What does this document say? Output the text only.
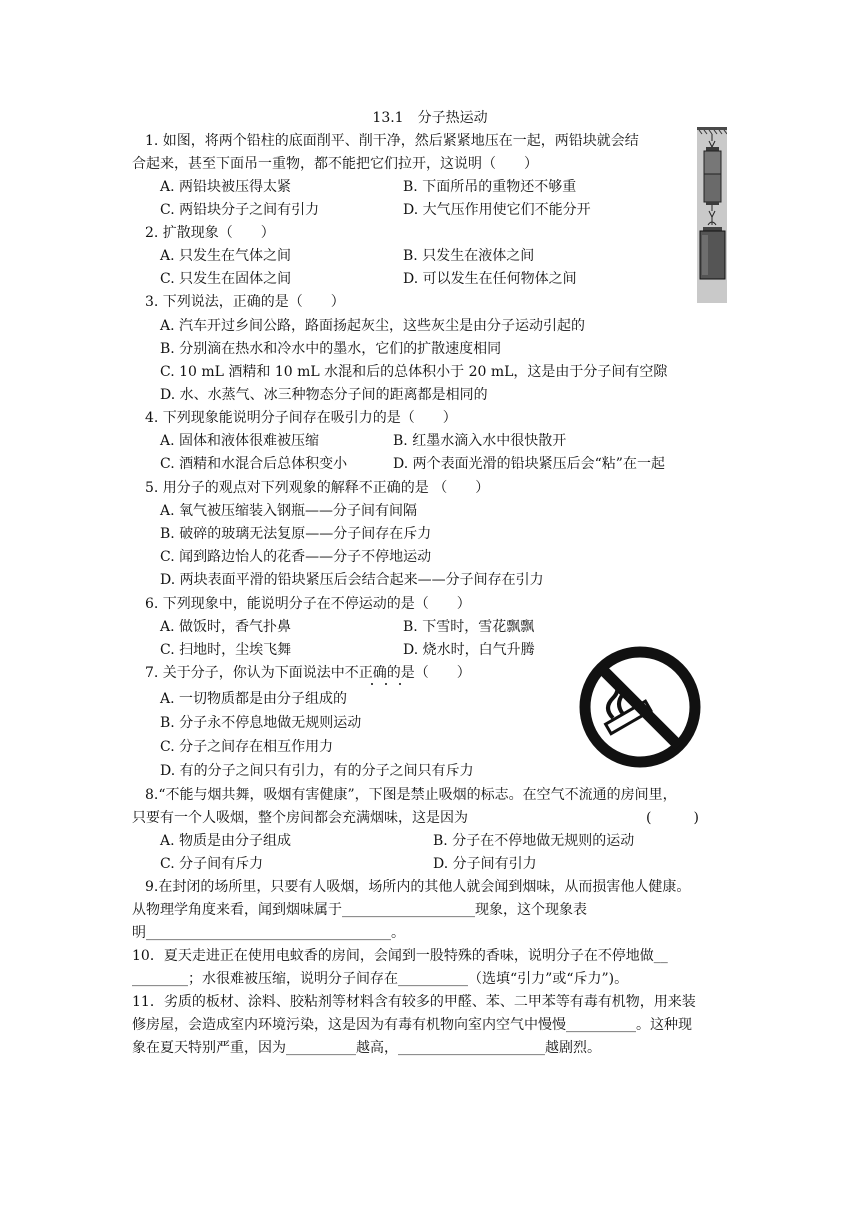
13.1　分子热运动
1. 如图，将两个铅柱的底面削平、削干净，然后紧紧地压在一起，两铅块就会结
合起来，甚至下面吊一重物，都不能把它们拉开，这说明（　　）
A. 两铅块被压得太紧	B. 下面所吊的重物还不够重
C. 两铅块分子之间有引力	D. 大气压作用使它们不能分开
2. 扩散现象（　　）
A. 只发生在气体之间	B. 只发生在液体之间
C. 只发生在固体之间	D. 可以发生在任何物体之间
3. 下列说法，正确的是（　　）
A. 汽车开过乡间公路，路面扬起灰尘，这些灰尘是由分子运动引起的
B. 分别滴在热水和冷水中的墨水，它们的扩散速度相同
C. 10 mL 酒精和 10 mL 水混和后的总体积小于 20 mL，这是由于分子间有空隙
D. 水、水蒸气、冰三种物态分子间的距离都是相同的
4. 下列现象能说明分子间存在吸引力的是（　　）
A. 固体和液体很难被压缩	B. 红墨水滴入水中很快散开
C. 酒精和水混合后总体积变小	D. 两个表面光滑的铅块紧压后会“粘”在一起
5. 用分子的观点对下列观象的解释不正确的是 （　　）
A. 氧气被压缩装入钢瓶——分子间有间隔
B. 破碎的玻璃无法复原——分子间存在斥力
C. 闻到路边怡人的花香——分子不停地运动
D. 两块表面平滑的铅块紧压后会结合起来——分子间存在引力
6. 下列现象中，能说明分子在不停运动的是（　　）
A. 做饭时，香气扑鼻	B. 下雪时，雪花飘飘
C. 扫地时，尘埃飞舞	D. 烧水时，白气升腾
7. 关于分子，你认为下面说法中不正确的是（　　）
A. 一切物质都是由分子组成的
B. 分子永不停息地做无规则运动
C. 分子之间存在相互作用力
D. 有的分子之间只有引力，有的分子之间只有斥力
8.“不能与烟共舞，吸烟有害健康”，下图是禁止吸烟的标志。在空气不流通的房间里，
只要有一个人吸烟，整个房间都会充满烟味，这是因为	(　　　)
A. 物质是由分子组成	B. 分子在不停地做无规则的运动
C. 分子间有斥力	D. 分子间有引力
9.在封闭的场所里，只要有人吸烟，场所内的其他人就会闻到烟味，从而损害他人健康。
从物理学角度来看，闻到烟味属于___________________现象，这个现象表
明___________________________________。
10．夏天走进正在使用电蚊香的房间，会闻到一股特殊的香味，说明分子在不停地做__
________；水很难被压缩，说明分子间存在__________（选填“引力”或“斥力”)。
11．劣质的板材、涂料、胶粘剂等材料含有较多的甲醛、苯、二甲苯等有毒有机物，用来装
修房屋，会造成室内环境污染，这是因为有毒有机物向室内空气中慢慢__________。这种现
象在夏天特别严重，因为__________越高，_____________________越剧烈。
